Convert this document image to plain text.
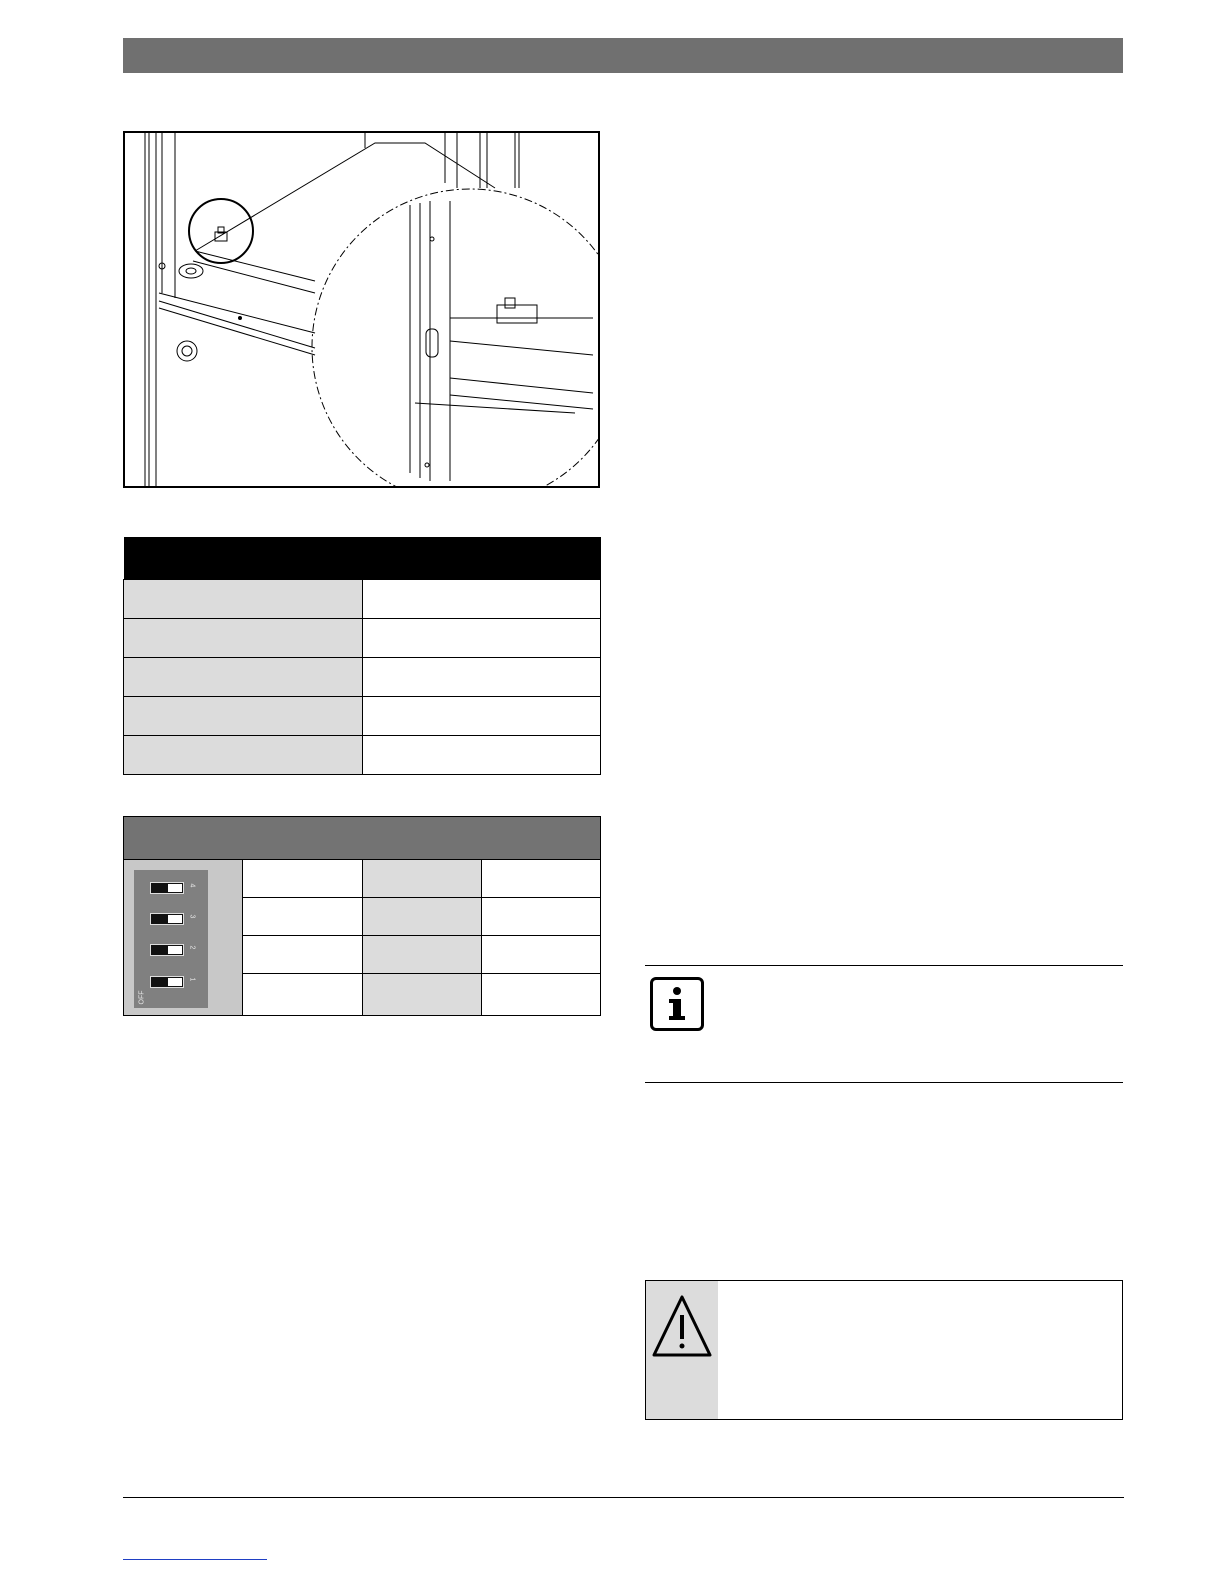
4
3
2
1
OFF			
